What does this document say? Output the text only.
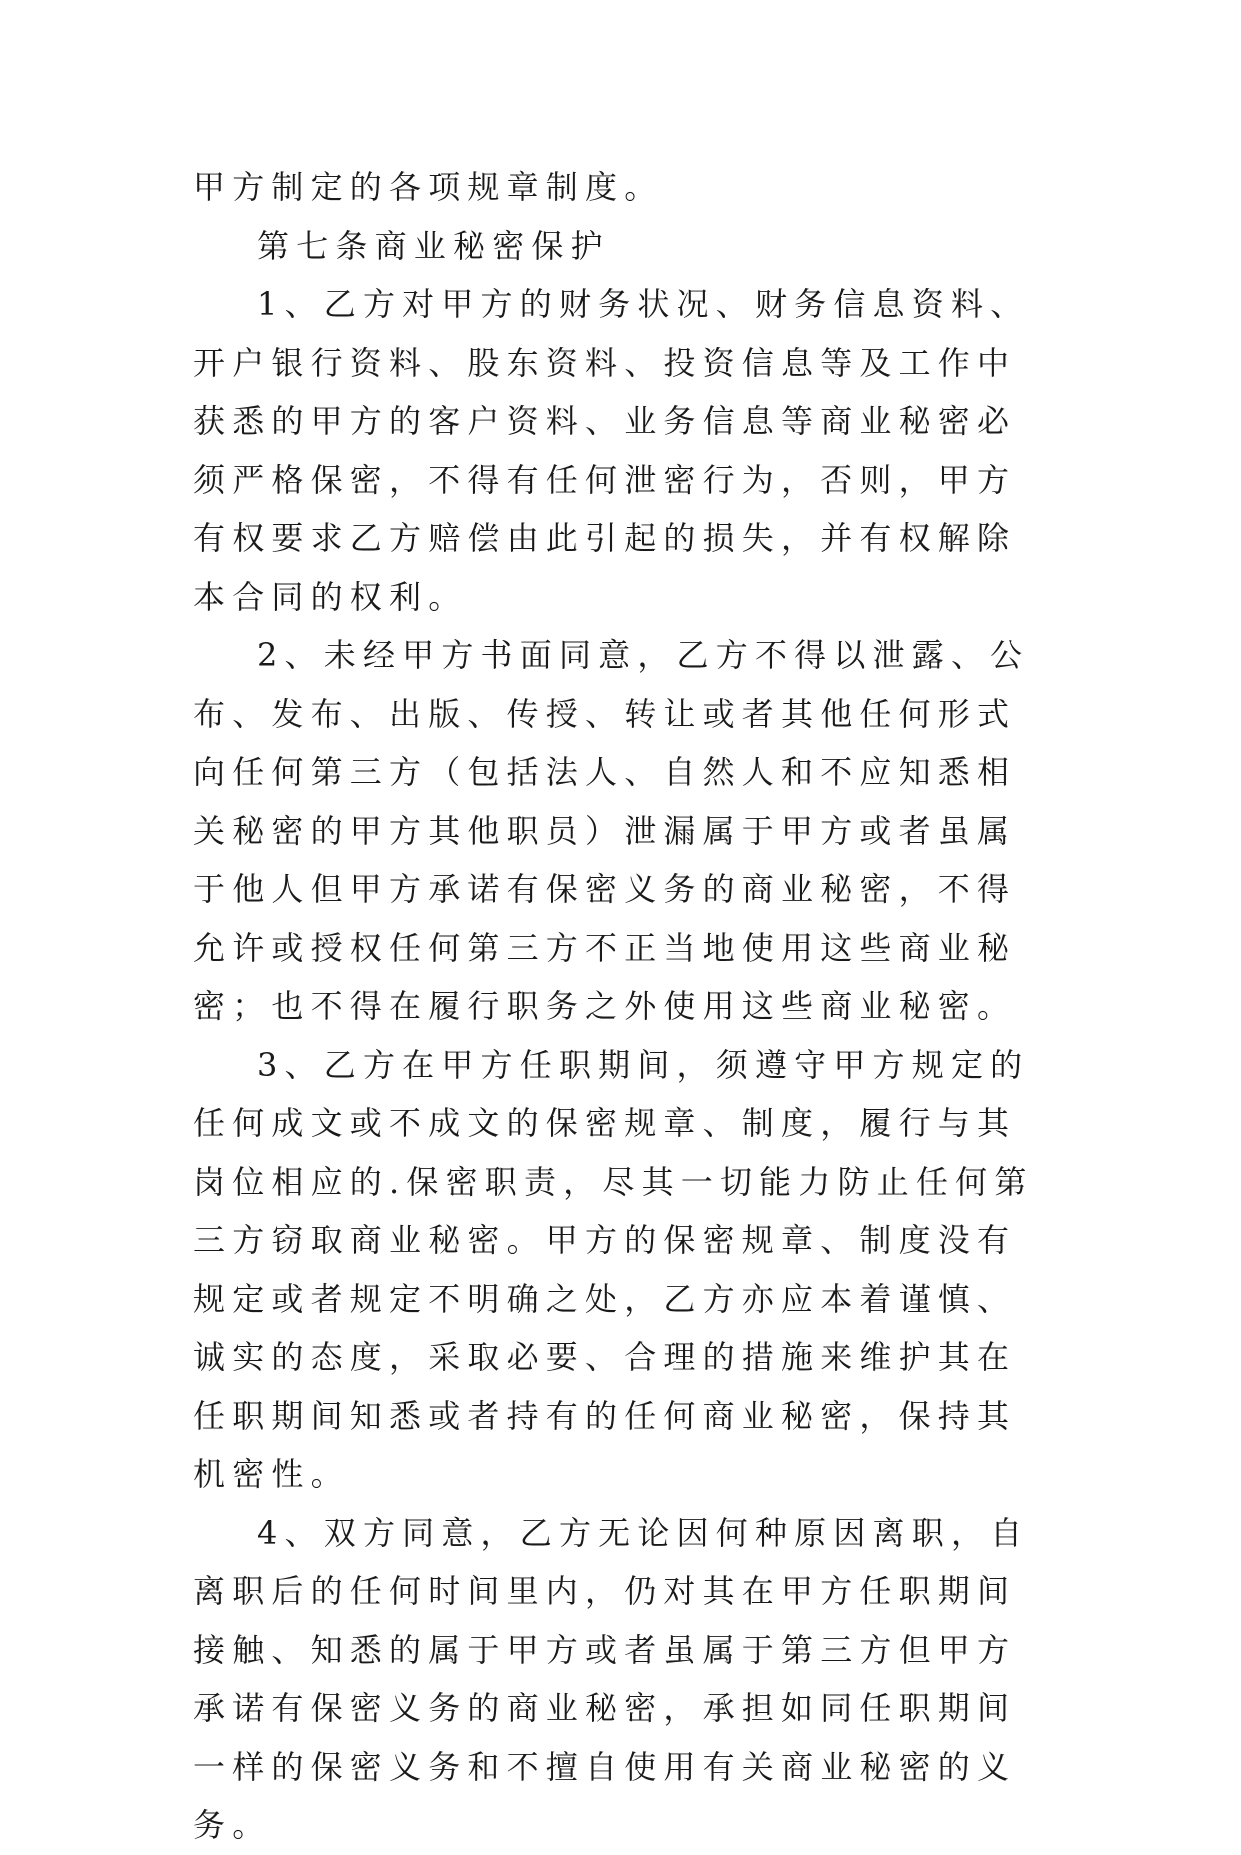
甲方制定的各项规章制度。

第七条商业秘密保护

1、乙方对甲方的财务状况、财务信息资料、开户银行资料、股东资料、投资信息等及工作中获悉的甲方的客户资料、业务信息等商业秘密必须严格保密，不得有任何泄密行为，否则，甲方有权要求乙方赔偿由此引起的损失，并有权解除本合同的权利。

2、未经甲方书面同意，乙方不得以泄露、公布、发布、出版、传授、转让或者其他任何形式向任何第三方（包括法人、自然人和不应知悉相关秘密的甲方其他职员）泄漏属于甲方或者虽属于他人但甲方承诺有保密义务的商业秘密，不得允许或授权任何第三方不正当地使用这些商业秘密；也不得在履行职务之外使用这些商业秘密。

3、乙方在甲方任职期间，须遵守甲方规定的任何成文或不成文的保密规章、制度，履行与其岗位相应的.保密职责，尽其一切能力防止任何第三方窃取商业秘密。甲方的保密规章、制度没有规定或者规定不明确之处，乙方亦应本着谨慎、诚实的态度，采取必要、合理的措施来维护其在任职期间知悉或者持有的任何商业秘密，保持其机密性。

4、双方同意，乙方无论因何种原因离职，自离职后的任何时间里内，仍对其在甲方任职期间接触、知悉的属于甲方或者虽属于第三方但甲方承诺有保密义务的商业秘密，承担如同任职期间一样的保密义务和不擅自使用有关商业秘密的义务。
